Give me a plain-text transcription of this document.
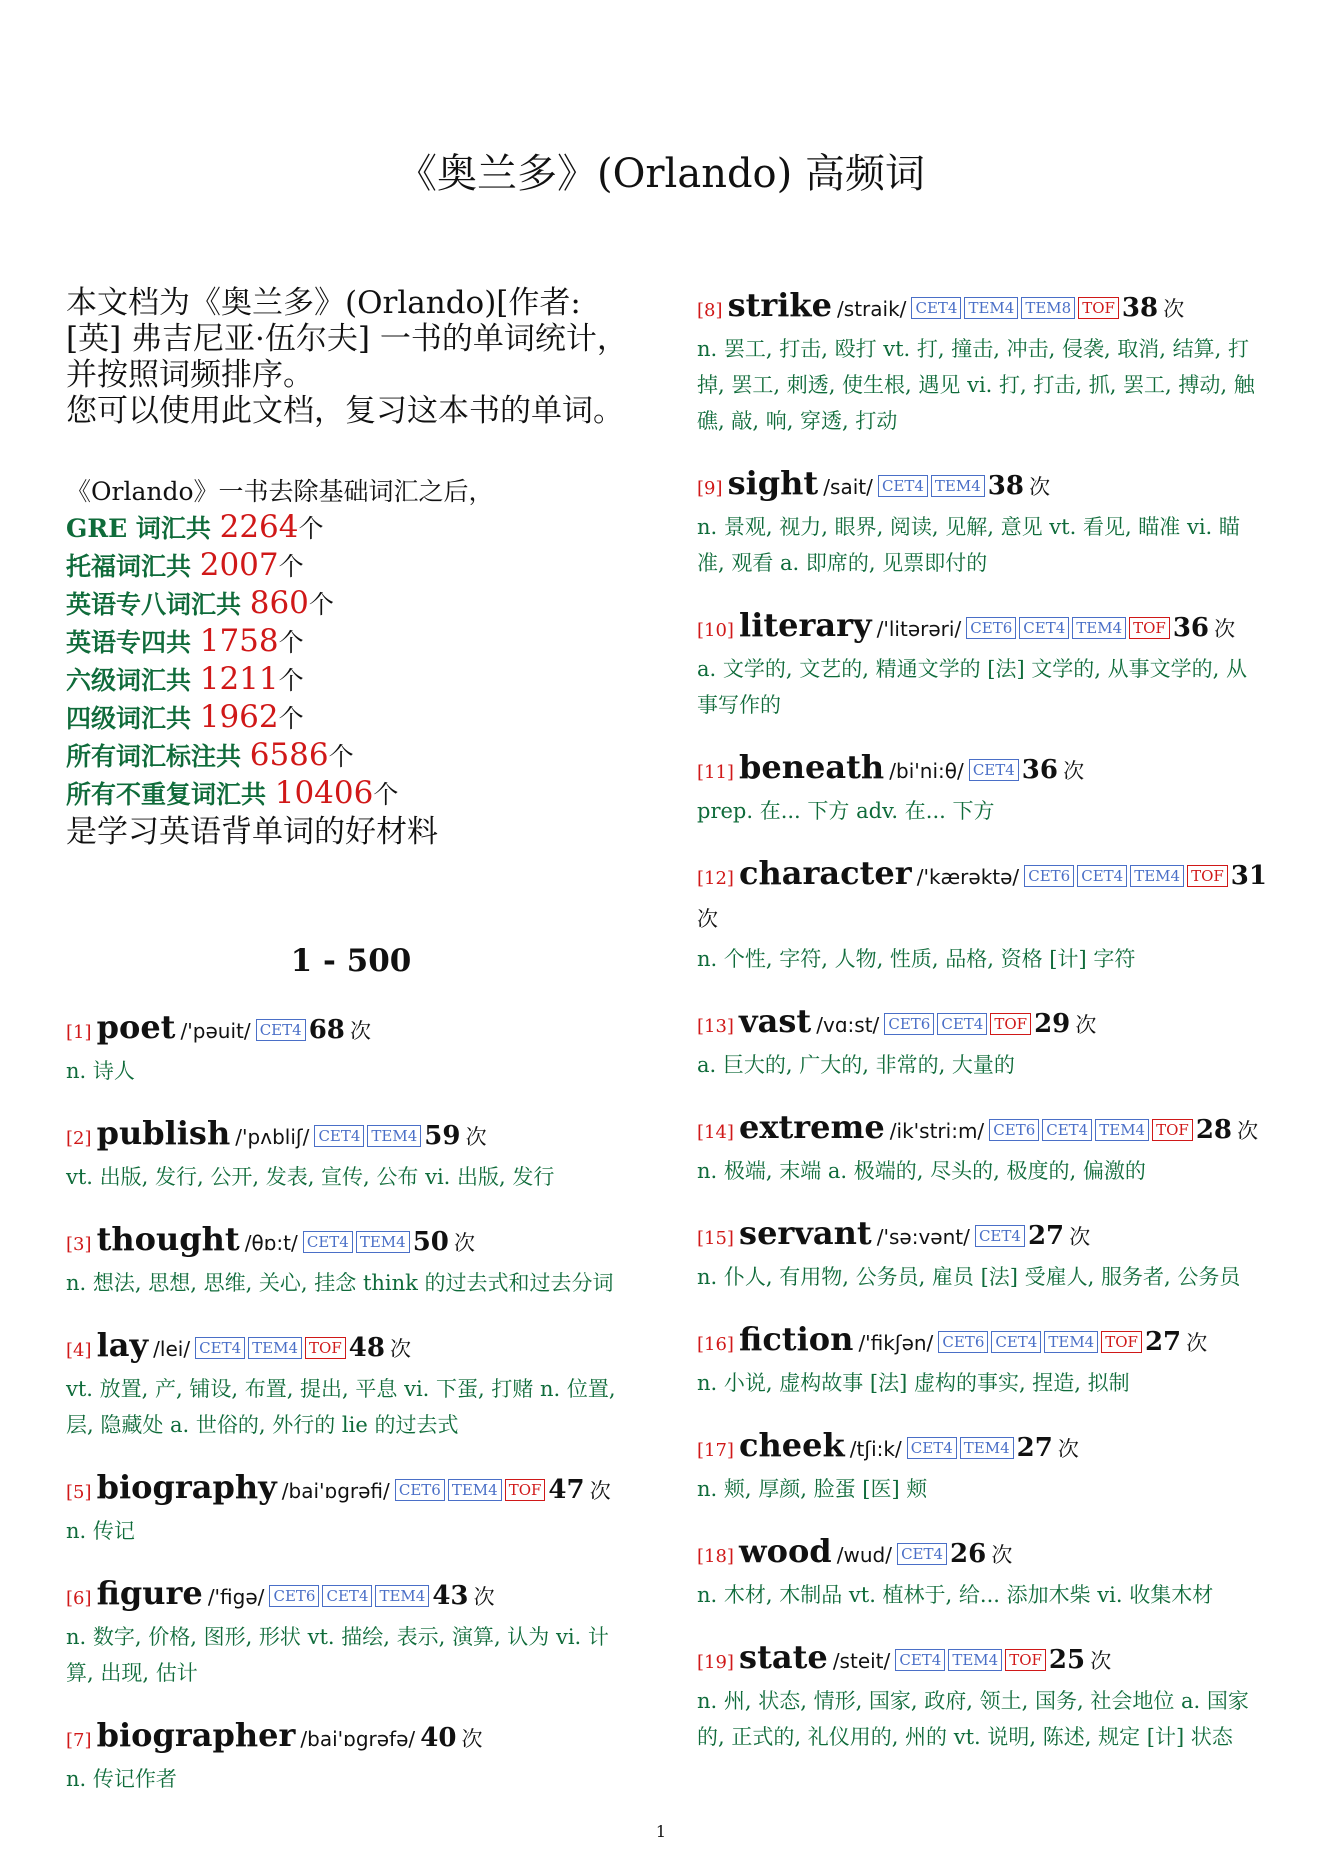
《奥兰多》(Orlando) 高频词

本文档为《奥兰多》(Orlando)[作者:[英] 弗吉尼亚·伍尔夫] 一书的单词统计，并按照词频排序。

您可以使用此文档，复习这本书的单词。

《Orlando》一书去除基础词汇之后，
GRE 词汇共 2264个
托福词汇共 2007个
英语专八词汇共 860个
英语专四共 1758个
六级词汇共 1211个
四级词汇共 1962个
所有词汇标注共 6586个
所有不重复词汇共 10406个
是学习英语背单词的好材料
1 - 500
[1] poet /'pəuit/ CET4 68 次
n. 诗人
[2] publish /'pʌbliʃ/ CET4 TEM4 59 次
vt. 出版, 发行, 公开, 发表, 宣传, 公布 vi. 出版, 发行
[3] thought /θɒ:t/ CET4 TEM4 50 次
n. 想法, 思想, 思维, 关心, 挂念 think 的过去式和过去分词
[4] lay /lei/ CET4 TEM4 TOF 48 次
vt. 放置, 产, 铺设, 布置, 提出, 平息 vi. 下蛋, 打赌 n. 位置, 层, 隐藏处 a. 世俗的, 外行的 lie 的过去式
[5] biography /bai'ɒgrəfi/ CET6 TEM4 TOF 47 次
n. 传记
[6] figure /'figə/ CET6 CET4 TEM4 43 次
n. 数字, 价格, 图形, 形状 vt. 描绘, 表示, 演算, 认为 vi. 计算, 出现, 估计
[7] biographer /bai'ɒgrəfə/ 40 次
n. 传记作者
[8] strike /straik/ CET4 TEM4 TEM8 TOF 38 次
n. 罢工, 打击, 殴打 vt. 打, 撞击, 冲击, 侵袭, 取消, 结算, 打掉, 罢工, 刺透, 使生根, 遇见 vi. 打, 打击, 抓, 罢工, 搏动, 触礁, 敲, 响, 穿透, 打动
[9] sight /sait/ CET4 TEM4 38 次
n. 景观, 视力, 眼界, 阅读, 见解, 意见 vt. 看见, 瞄准 vi. 瞄准, 观看 a. 即席的, 见票即付的
[10] literary /'litərəri/ CET6 CET4 TEM4 TOF 36 次
a. 文学的, 文艺的, 精通文学的 [法] 文学的, 从事文学的, 从事写作的
[11] beneath /bi'ni:θ/ CET4 36 次
prep. 在... 下方 adv. 在... 下方
[12] character /'kærəktə/ CET6 CET4 TEM4 TOF 31 次
n. 个性, 字符, 人物, 性质, 品格, 资格 [计] 字符
[13] vast /vɑ:st/ CET6 CET4 TOF 29 次
a. 巨大的, 广大的, 非常的, 大量的
[14] extreme /ik'stri:m/ CET6 CET4 TEM4 TOF 28 次
n. 极端, 末端 a. 极端的, 尽头的, 极度的, 偏激的
[15] servant /'sə:vənt/ CET4 27 次
n. 仆人, 有用物, 公务员, 雇员 [法] 受雇人, 服务者, 公务员
[16] fiction /'fikʃən/ CET6 CET4 TEM4 TOF 27 次
n. 小说, 虚构故事 [法] 虚构的事实, 捏造, 拟制
[17] cheek /tʃi:k/ CET4 TEM4 27 次
n. 颊, 厚颜, 脸蛋 [医] 颊
[18] wood /wud/ CET4 26 次
n. 木材, 木制品 vt. 植林于, 给... 添加木柴 vi. 收集木材
[19] state /steit/ CET4 TEM4 TOF 25 次
n. 州, 状态, 情形, 国家, 政府, 领土, 国务, 社会地位 a. 国家的, 正式的, 礼仪用的, 州的 vt. 说明, 陈述, 规定 [计] 状态
1
